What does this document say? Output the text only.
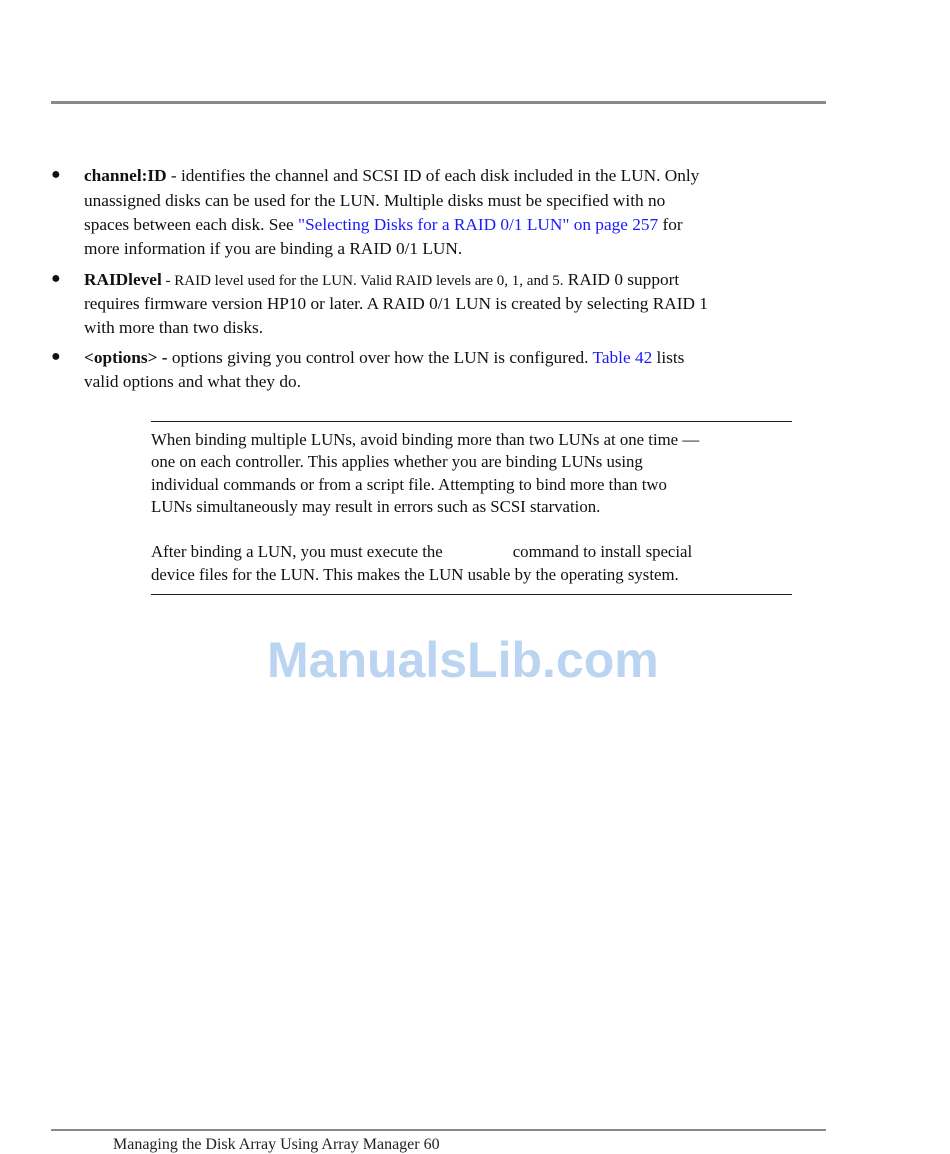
● channel:ID - identifies the channel and SCSI ID of each disk included in the LUN. Only
unassigned disks can be used for the LUN. Multiple disks must be specified with no
spaces between each disk. See "Selecting Disks for a RAID 0/1 LUN" on page 257 for
more information if you are binding a RAID 0/1 LUN.
● RAIDlevel - RAID level used for the LUN. Valid RAID levels are 0, 1, and 5. RAID 0 support
requires firmware version HP10 or later. A RAID 0/1 LUN is created by selecting RAID 1
with more than two disks.
● <options> - options giving you control over how the LUN is configured. Table 42 lists
valid options and what they do.
When binding multiple LUNs, avoid binding more than two LUNs at one time —
one on each controller. This applies whether you are binding LUNs using
individual commands or from a script file. Attempting to bind more than two
LUNs simultaneously may result in errors such as SCSI starvation.
After binding a LUN, you must execute the	command to install special
device files for the LUN. This makes the LUN usable by the operating system.
ManualsLib.com
Managing the Disk Array Using Array Manager 60
